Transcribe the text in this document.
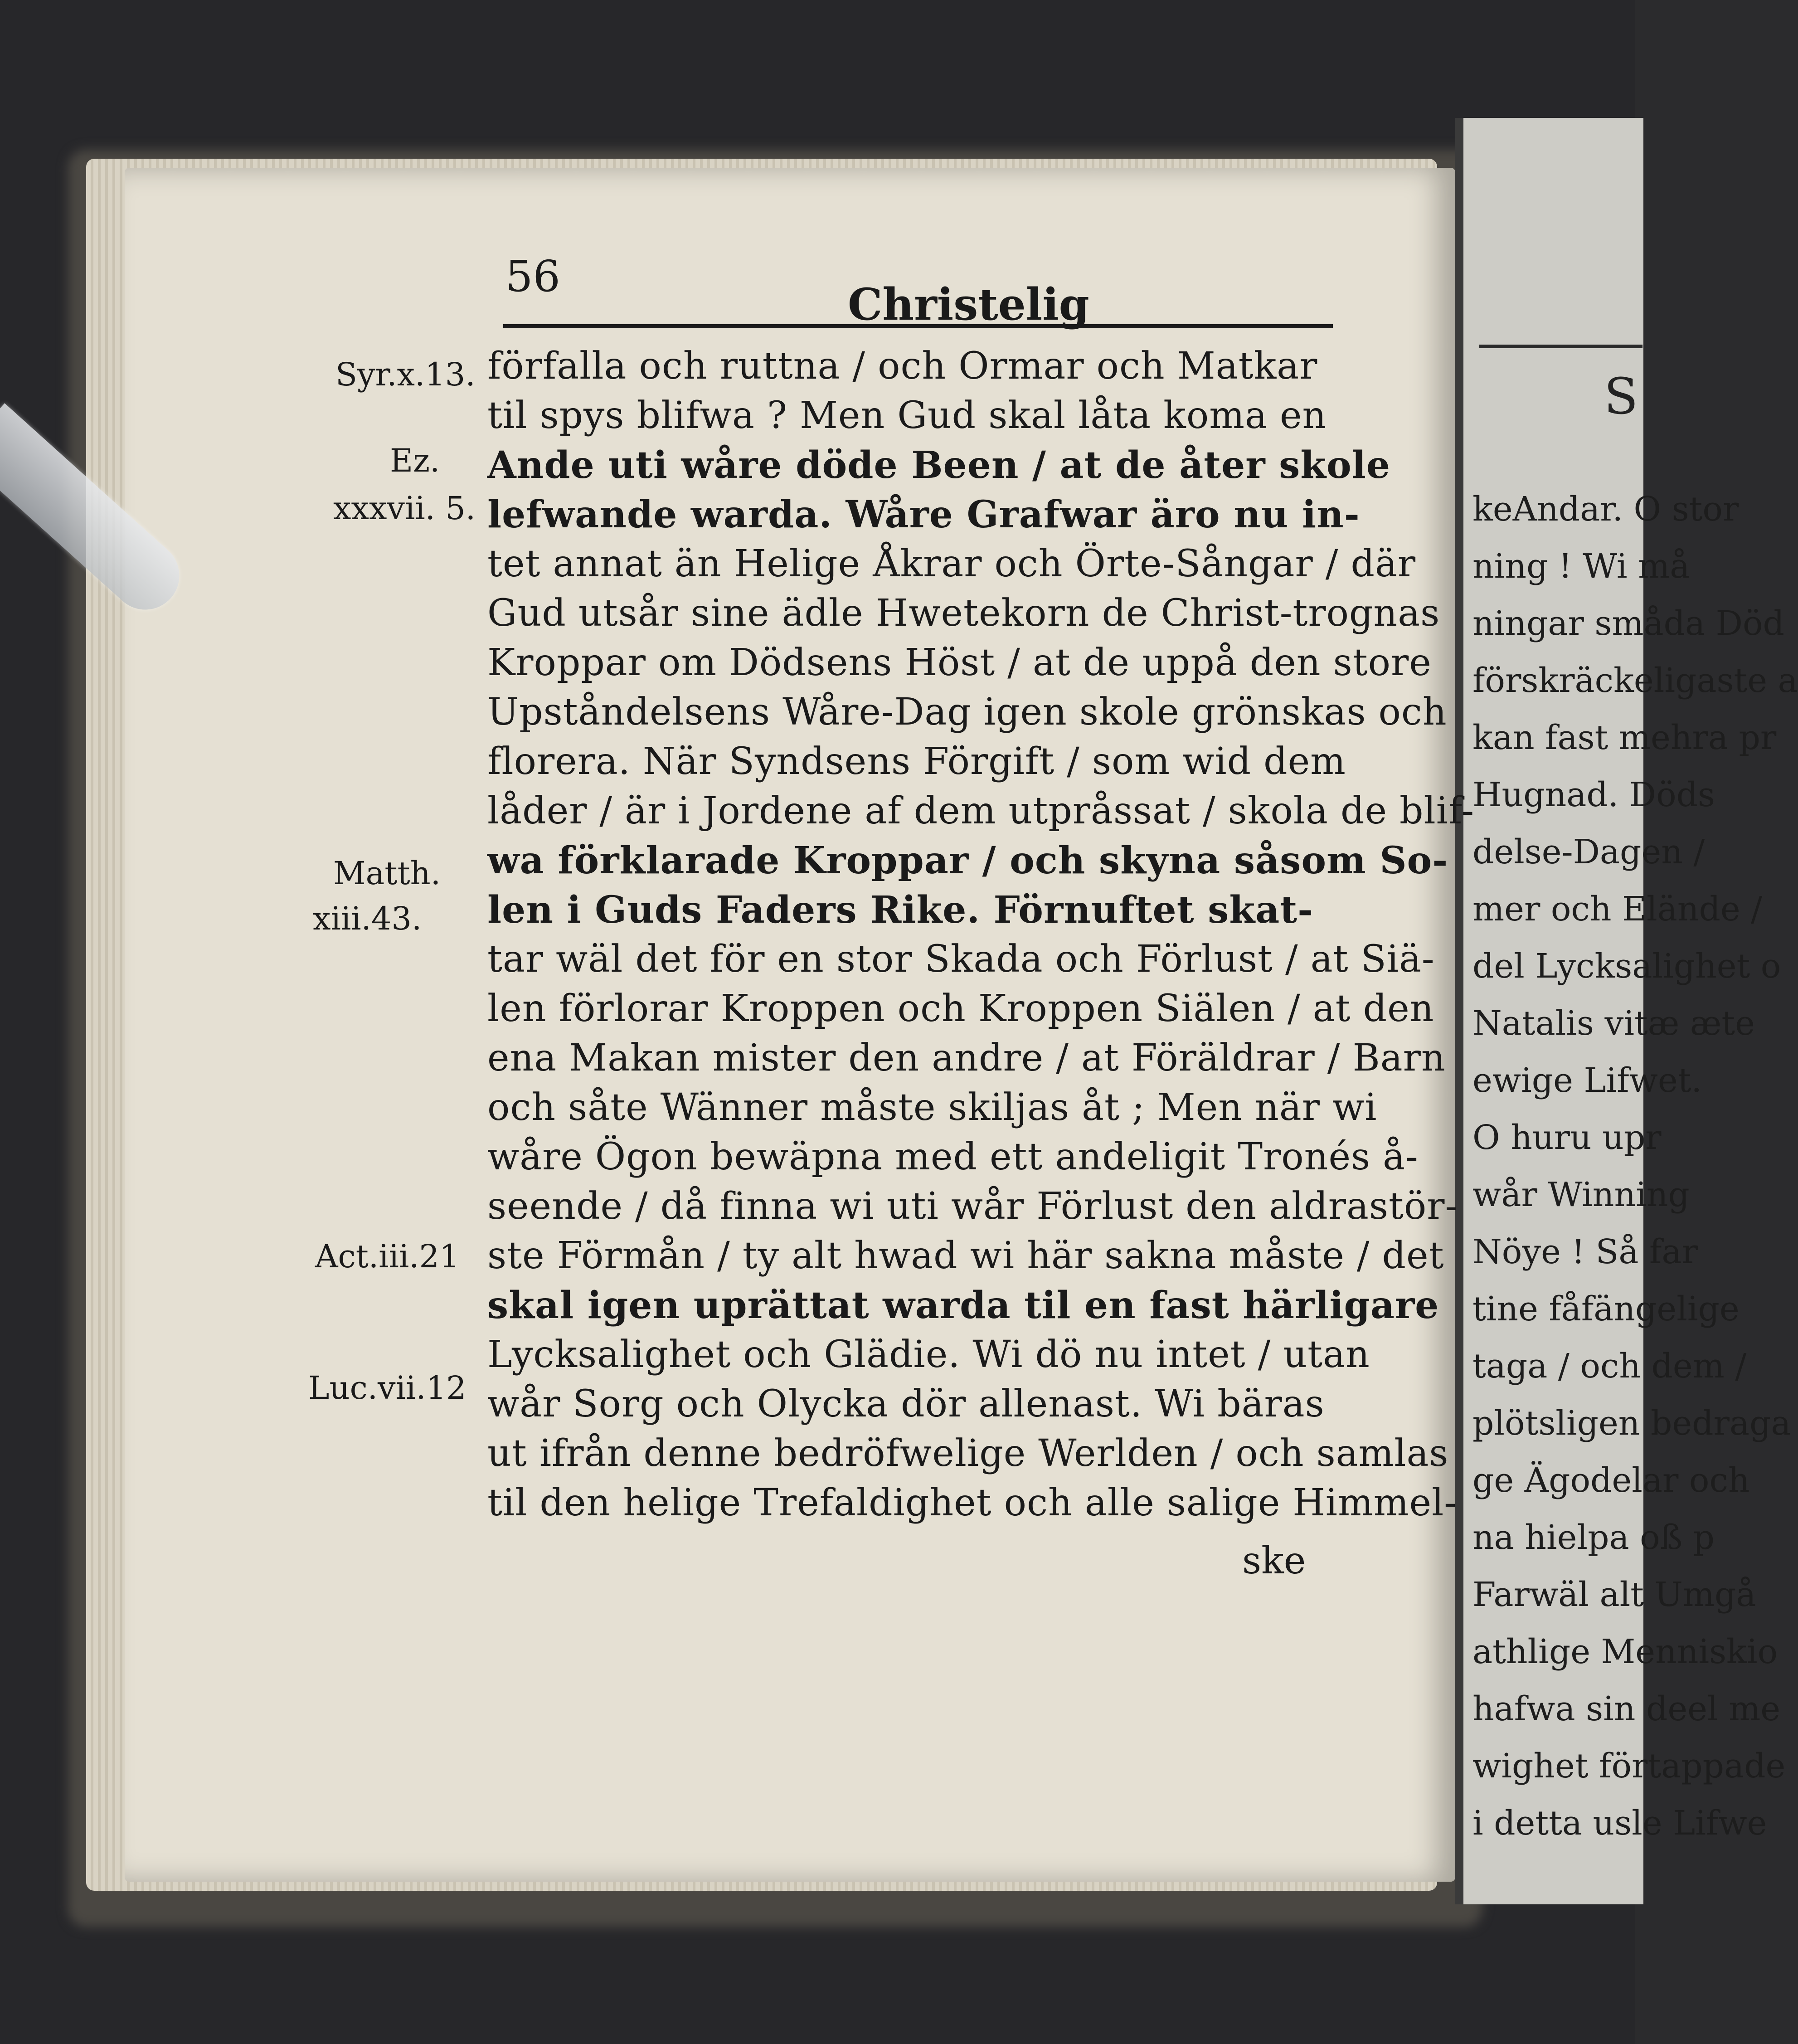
S
keAndar. O stor
ning ! Wi må
ningar småda Död
förskräckeligaste a
kan fast mehra pr
Hugnad. Döds
delse-Dagen /
mer och Elände /
del Lycksalighet o
Natalis vitæ æte
ewige Lifwet.
O huru upr
wår Winning
Nöye ! Så far
tine fåfängelige
taga / och dem /
plötsligen bedraga
ge Ägodelar och
na hielpa oß p
Farwäl alt Umgå
athlige Menniskio
hafwa sin deel me
wighet förtappade
i detta usle Lifwe
56
Christelig
Syr.x.13.
Ez.
xxxvii. 5.
Matth.
xiii.43.
Act.iii.21
Luc.vii.12
förfalla och ruttna / och Ormar och Matkar
til spys blifwa ? Men Gud skal låta koma en
Ande uti wåre döde Been / at de åter skole
lefwande warda. Wåre Grafwar äro nu in-
tet annat än Helige Åkrar och Örte-Sångar / där
Gud utsår sine ädle Hwetekorn de Christ-trognas
Kroppar om Dödsens Höst / at de uppå den store
Upståndelsens Wåre-Dag igen skole grönskas och
florera. När Syndsens Förgift / som wid dem
låder / är i Jordene af dem utpråssat / skola de blif-
wa förklarade Kroppar / och skyna såsom So-
len i Guds Faders Rike. Förnuftet skat-
tar wäl det för en stor Skada och Förlust / at Siä-
len förlorar Kroppen och Kroppen Siälen / at den
ena Makan mister den andre / at Föräldrar / Barn
och såte Wänner måste skiljas åt ; Men när wi
wåre Ögon bewäpna med ett andeligit Tronés å-
seende / då finna wi uti wår Förlust den aldrastör-
ste Förmån / ty alt hwad wi här sakna måste / det
skal igen uprättat warda til en fast härligare
Lycksalighet och Glädie. Wi dö nu intet / utan
wår Sorg och Olycka dör allenast. Wi bäras
ut ifrån denne bedröfwelige Werlden / och samlas
til den helige Trefaldighet och alle salige Himmel-
ske
